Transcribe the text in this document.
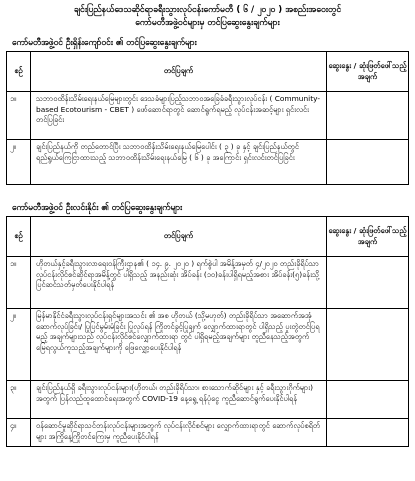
ချင်းပြည်နယ်ဒေသဆိုင်ရာခရီးသွားလုပ်ငန်းကော်မတီ ( ၆ / ၂၀၂၀ ) အစည်းအဝေးတွင်
ကော်မတီအဖွဲ့ဝင်များမှ တင်ပြဆွေးနွေးချက်များ
ကော်မတီအဖွဲ့ဝင် ဦးရှိန်းကျော်ဝင်း ၏ တင်ပြဆွေးနွေးချက်များ
စဉ်	တင်ပြချက်	ဆွေးနွေး / ဆုံးဖြတ်ဖေါ်သည့် အချက်
၁။	သဘာဝထိန်းသိမ်းရေးနယ်မြေများတွင်း ဒေသခံ​များ​ပြည့်သဘာဝအခြေခံခရီးသွားလုပ်ငန်း ( Community-based Ecotourism - CBET ) ဖော်ဆောင်ရာတွင် ဆောင်ရွက်ရမည့် လုပ်ငန်းအဆင့်များ ရှင်းလင်းတင်ပြခြင်း	
၂။	ချင်းပြည်နယ်ကို တည်တောင်ပြီး သဘာဝထိန်းသိမ်းရေးနယ်မြေပေါင်း ( ၃ ) ခု နှင့် ချင်းပြည်နယ်တွင် ရည်ရွယ်ကြေငြာထားသည့် သဘာဝထိန်းသိမ်းရေးနယ်မြေ ( ၆ ) ခု အကြောင်း ရှင်းလင်းတင်ပြခြင်း	
ကော်မတီအဖွဲ့ဝင် ဦးလင်းနိုင်း ၏ တင်ပြဆွေးနွေးချက်များ
စဉ်	တင်ပြချက်	ဆွေးနွေး / ဆုံးဖြတ်ဖေါ်သည့် အချက်
၁။	ဟိုတယ်နှင့်ခရီးသွားလာရေးဝန်ကြီးဌာန၏ ( ၁၄. ၉. ၂၀၂၀ ) ရက်စွဲပါ အမိန့်အမှတ် ၄/၂၀၂၀ တည်းခိုရိပ်သာလုပ်ငန်းလိုင်စင်ဆိုင်ရာအမိန့်တွင် ပါရှိသည့် အနည်းဆုံး အိပ်ခန်း (၁၀)ခန်းပါရှိရမည့်အစား အိပ်ခန်း(၅)ခန်းသို့ ပြင်ဆင်သတ်မှတ်ပေးနိုင်ပါရန်	
၂။	မြန်မာနိုင်ငံခရီးသွားလုပ်ငန်းရှင်များအသင်း ၏ အစ ဟိုတယ် (သို့မဟုတ်) တည်းခိုရိပ်သာ အဆောက်အအုံ ဆောက်လုပ်ခြင်း/ ပြုပြင်မွမ်းမံခြင်း ပြုလုပ်ရန် ကြိုတင်ခွင့်ပြုချက် လျှောက်ထားရာတွင် ပါရှိသည့် ပူးတွဲတင်ပြရမည့် အချက်များသည် လုပ်ငန်းလိုင်စင်လျှောက်ထားရာ တွင် ပါရှိရမည့်အချက်များ တူညီနေသည့်အတွက် မြေရလွယ်ကူသည့်အချက်များကို ဖြေလျှော့ပေးနိုင်ပါရန်	
၃။	ချင်းပြည်နယ်ရှိ ခရီးသွားလုပ်ငန်းများ(ဟိုတယ်၊ တည်းခိုရိပ်သာ၊ စားသောက်ဆိုင်များ နှင့် ခရီးသွားဂိုက်များ) အတွက် ပြန်လည်ထူထောင်ရေးအတွက် COVID-19 နေ့ရွေ့ ရန်ပုံငွေ ကူညီဆောင်ရွက်ပေးနိုင်ပါရန်	
၄။	ဝန်ဆောင်မှုဆိုင်ရာသင်တန်းလုပ်ငန်းများအတွက် လုပ်ငန်းလိုင်စင်များ လျှောက်ထားရာတွင် ဆောက်လုပ်စရိတ်များ အကြိုနေ့ကြိုတင်ကြေးမှ ကူညီပေးနိုင်ပါရန်	
